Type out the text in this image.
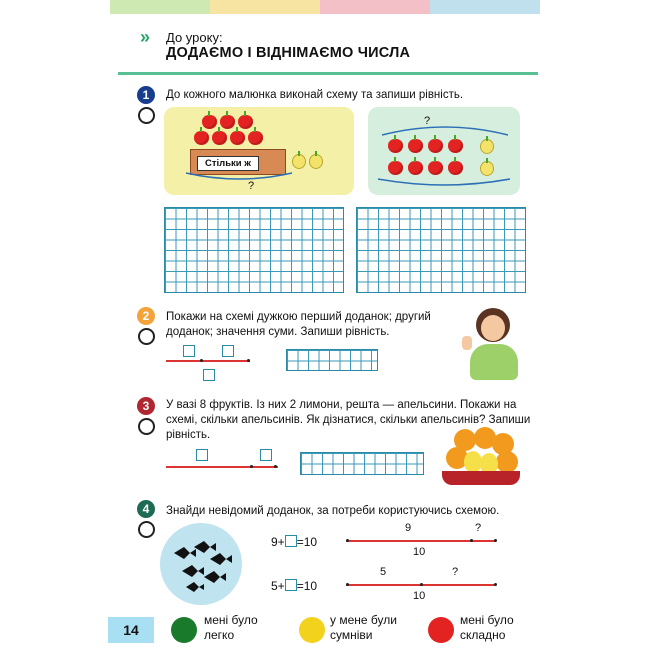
» До уроку:
ДОДАЄМО І ВІДНІМАЄМО ЧИСЛА
1	До кожного малюнка виконай схему та запиши рівність.
Стільки ж
?
?
2	Покажи на схемі дужкою перший доданок; другий
доданок; значення суми. Запиши рівність.
3	У вазі 8 фруктів. Із них 2 лимони, решта — апельсини. Покажи на
схемі, скільки апельсинів. Як дізнатися, скільки апельсинів? Запиши
рівність.
4	Знайди невідомий доданок, за потреби користуючись схемою.
9+ =10
5+ =10
9	?
10
5	?
10
14
мені було
легко
у мене були
сумніви
мені було
складно
